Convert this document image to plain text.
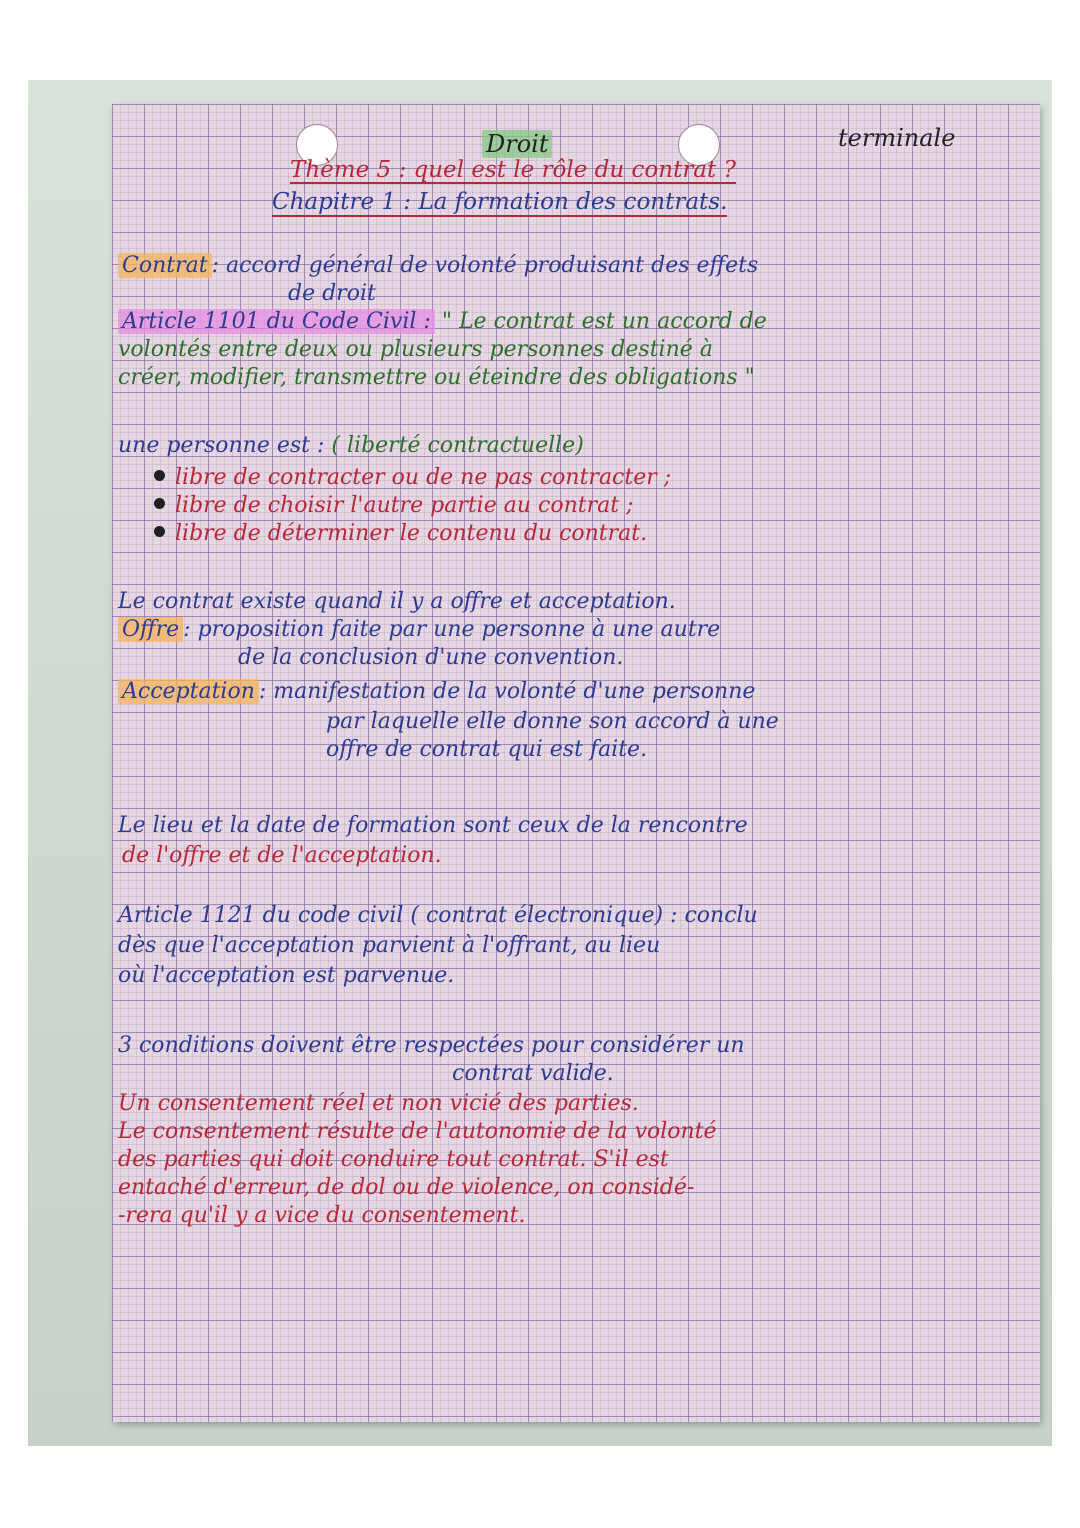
Droit	terminale
Thème 5 : quel est le rôle du contrat ?
Chapitre 1 : La formation des contrats.
Contrat : accord général de volonté produisant des effets
de droit
Article 1101 du Code Civil : " Le contrat est un accord de
volontés entre deux ou plusieurs personnes destiné à
créer, modifier, transmettre ou éteindre des obligations "
une personne est : ( liberté contractuelle)
libre de contracter ou de ne pas contracter ;
libre de choisir l'autre partie au contrat ;
libre de déterminer le contenu du contrat.
Le contrat existe quand il y a offre et acceptation.
Offre : proposition faite par une personne à une autre
de la conclusion d'une convention.
Acceptation : manifestation de la volonté d'une personne
par laquelle elle donne son accord à une
offre de contrat qui est faite.
Le lieu et la date de formation sont ceux de la rencontre
de l'offre et de l'acceptation.
Article 1121 du code civil ( contrat électronique) : conclu
dès que l'acceptation parvient à l'offrant, au lieu
où l'acceptation est parvenue.
3 conditions doivent être respectées pour considérer un
contrat valide.
Un consentement réel et non vicié des parties.
Le consentement résulte de l'autonomie de la volonté
des parties qui doit conduire tout contrat. S'il est
entaché d'erreur, de dol ou de violence, on considé-
-rera qu'il y a vice du consentement.
